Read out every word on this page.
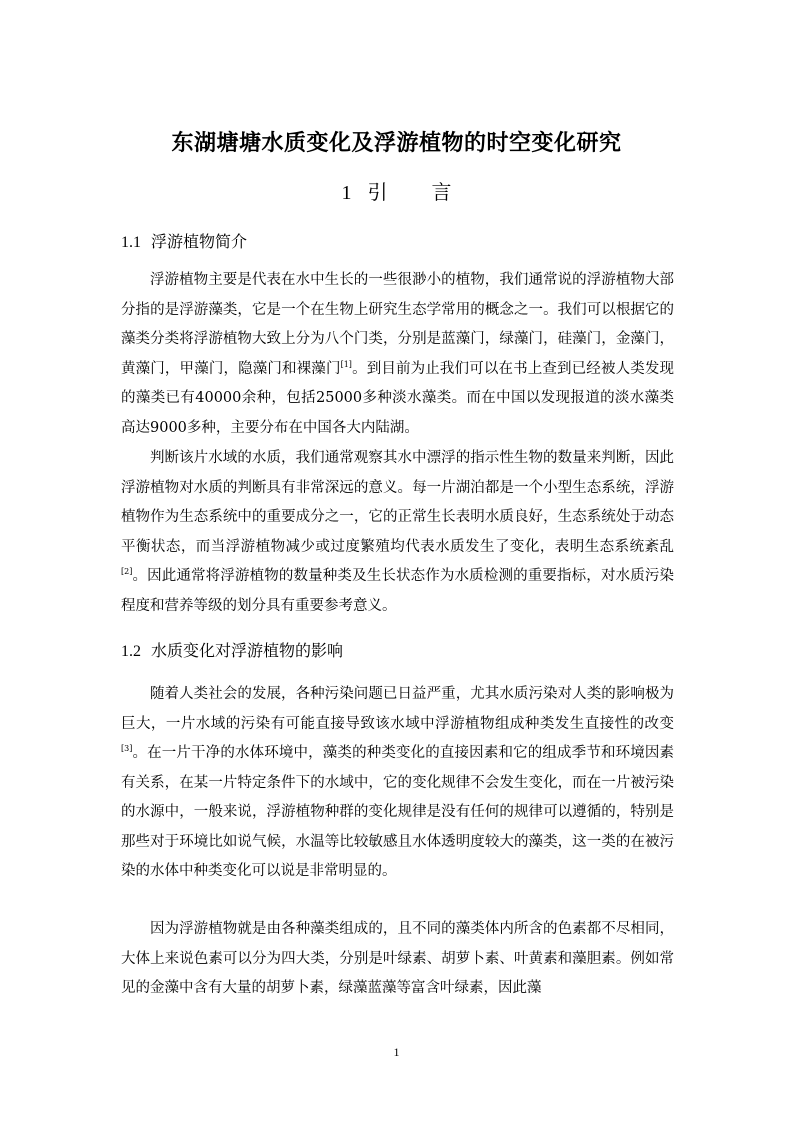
东湖塘塘水质变化及浮游植物的时空变化研究
1 引 言
1.1 浮游植物简介
浮游植物主要是代表在水中生长的一些很渺小的植物，我们通常说的浮游植物大部分指的是浮游藻类，它是一个在生物上研究生态学常用的概念之一。我们可以根据它的藻类分类将浮游植物大致上分为八个门类，分别是蓝藻门，绿藻门，硅藻门，金藻门，黄藻门，甲藻门，隐藻门和裸藻门[1]。到目前为止我们可以在书上查到已经被人类发现的藻类已有40000余种，包括25000多种淡水藻类。而在中国以发现报道的淡水藻类高达9000多种，主要分布在中国各大内陆湖。
判断该片水域的水质，我们通常观察其水中漂浮的指示性生物的数量来判断，因此浮游植物对水质的判断具有非常深远的意义。每一片湖泊都是一个小型生态系统，浮游植物作为生态系统中的重要成分之一，它的正常生长表明水质良好，生态系统处于动态平衡状态，而当浮游植物减少或过度繁殖均代表水质发生了变化，表明生态系统紊乱[2]。因此通常将浮游植物的数量种类及生长状态作为水质检测的重要指标，对水质污染程度和营养等级的划分具有重要参考意义。
1.2 水质变化对浮游植物的影响
随着人类社会的发展，各种污染问题已日益严重，尤其水质污染对人类的影响极为巨大，一片水域的污染有可能直接导致该水域中浮游植物组成种类发生直接性的改变[3]。在一片干净的水体环境中，藻类的种类变化的直接因素和它的组成季节和环境因素有关系，在某一片特定条件下的水域中，它的变化规律不会发生变化，而在一片被污染的水源中，一般来说，浮游植物种群的变化规律是没有任何的规律可以遵循的，特别是那些对于环境比如说气候，水温等比较敏感且水体透明度较大的藻类，这一类的在被污染的水体中种类变化可以说是非常明显的。
因为浮游植物就是由各种藻类组成的，且不同的藻类体内所含的色素都不尽相同，大体上来说色素可以分为四大类，分别是叶绿素、胡萝卜素、叶黄素和藻胆素。例如常见的金藻中含有大量的胡萝卜素，绿藻蓝藻等富含叶绿素，因此藻
1
